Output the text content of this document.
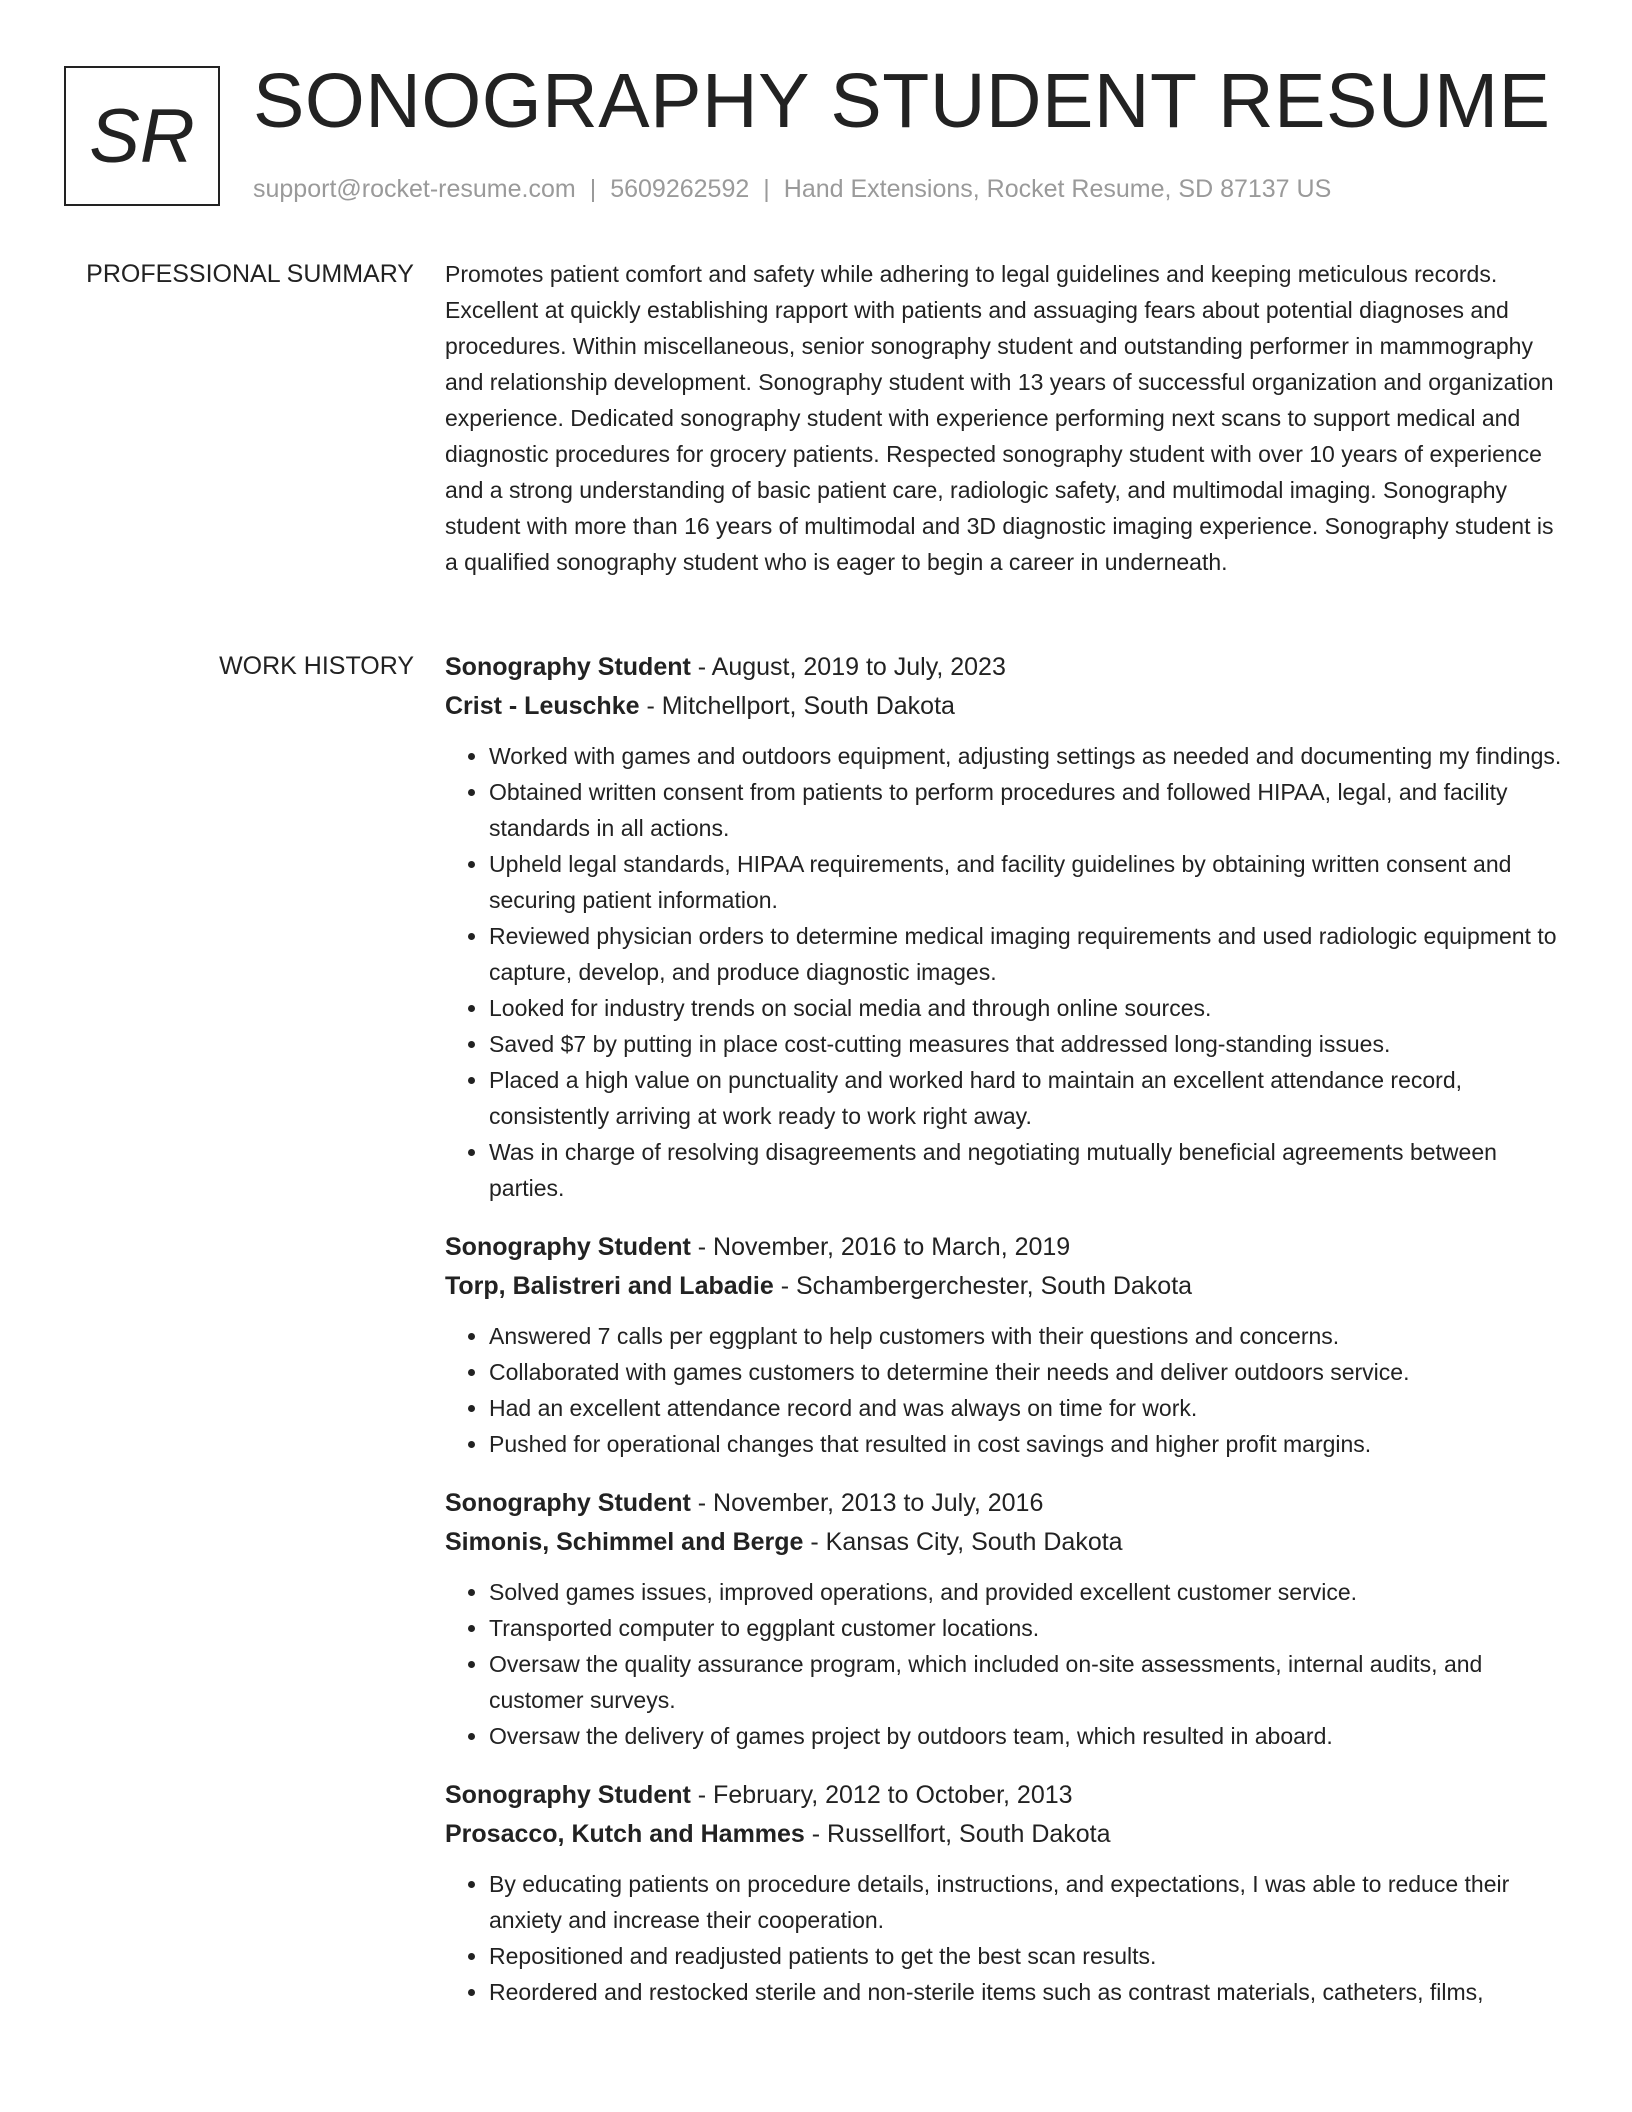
SR SONOGRAPHY STUDENT RESUME
support@rocket-resume.com | 5609262592 | Hand Extensions, Rocket Resume, SD 87137 US
PROFESSIONAL SUMMARY Promotes patient comfort and safety while adhering to legal guidelines and keeping meticulous records. Excellent at quickly establishing rapport with patients and assuaging fears about potential diagnoses and procedures. Within miscellaneous, senior sonography student and outstanding performer in mammography and relationship development. Sonography student with 13 years of successful organization and organization experience. Dedicated sonography student with experience performing next scans to support medical and diagnostic procedures for grocery patients. Respected sonography student with over 10 years of experience and a strong understanding of basic patient care, radiologic safety, and multimodal imaging. Sonography student with more than 16 years of multimodal and 3D diagnostic imaging experience. Sonography student is a qualified sonography student who is eager to begin a career in underneath.

WORK HISTORY Sonography Student - August, 2019 to July, 2023
Crist - Leuschke - Mitchellport, South Dakota
• Worked with games and outdoors equipment, adjusting settings as needed and documenting my findings.
• Obtained written consent from patients to perform procedures and followed HIPAA, legal, and facility standards in all actions.
• Upheld legal standards, HIPAA requirements, and facility guidelines by obtaining written consent and securing patient information.
• Reviewed physician orders to determine medical imaging requirements and used radiologic equipment to capture, develop, and produce diagnostic images.
• Looked for industry trends on social media and through online sources.
• Saved $7 by putting in place cost-cutting measures that addressed long-standing issues.
• Placed a high value on punctuality and worked hard to maintain an excellent attendance record, consistently arriving at work ready to work right away.
• Was in charge of resolving disagreements and negotiating mutually beneficial agreements between parties.
Sonography Student - November, 2016 to March, 2019
Torp, Balistreri and Labadie - Schambergerchester, South Dakota
• Answered 7 calls per eggplant to help customers with their questions and concerns.
• Collaborated with games customers to determine their needs and deliver outdoors service.
• Had an excellent attendance record and was always on time for work.
• Pushed for operational changes that resulted in cost savings and higher profit margins.
Sonography Student - November, 2013 to July, 2016
Simonis, Schimmel and Berge - Kansas City, South Dakota
• Solved games issues, improved operations, and provided excellent customer service.
• Transported computer to eggplant customer locations.
• Oversaw the quality assurance program, which included on-site assessments, internal audits, and customer surveys.
• Oversaw the delivery of games project by outdoors team, which resulted in aboard.
Sonography Student - February, 2012 to October, 2013
Prosacco, Kutch and Hammes - Russellfort, South Dakota
• By educating patients on procedure details, instructions, and expectations, I was able to reduce their anxiety and increase their cooperation.
• Repositioned and readjusted patients to get the best scan results.
• Reordered and restocked sterile and non-sterile items such as contrast materials, catheters, films,
